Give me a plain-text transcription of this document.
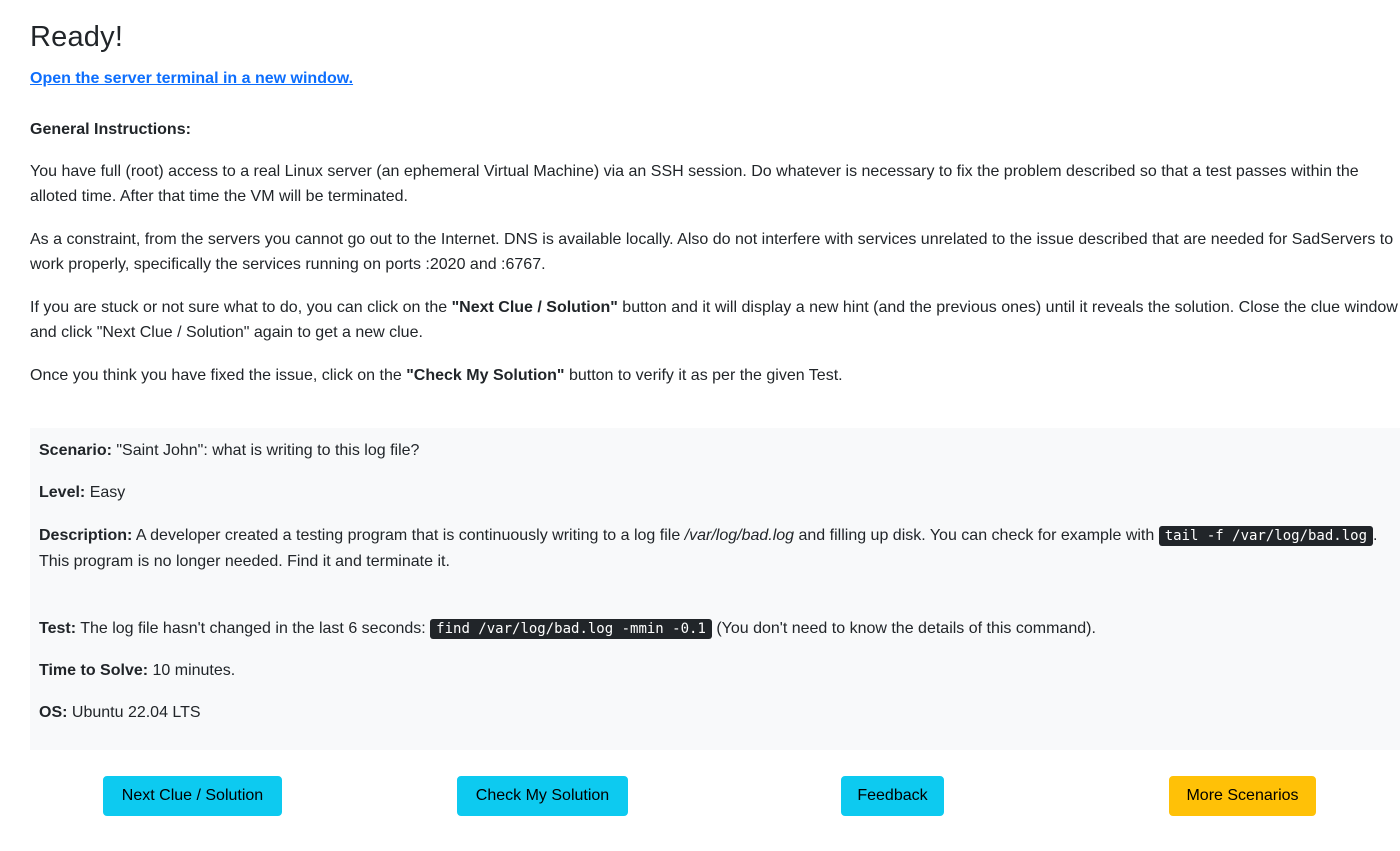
Ready!
Open the server terminal in a new window.

General Instructions:

You have full (root) access to a real Linux server (an ephemeral Virtual Machine) via an SSH session. Do whatever is necessary to fix the problem described so that a test passes within the alloted time. After that time the VM will be terminated.

As a constraint, from the servers you cannot go out to the Internet. DNS is available locally. Also do not interfere with services unrelated to the issue described that are needed for SadServers to work properly, specifically the services running on ports :2020 and :6767.

If you are stuck or not sure what to do, you can click on the "Next Clue / Solution" button and it will display a new hint (and the previous ones) until it reveals the solution. Close the clue window and click "Next Clue / Solution" again to get a new clue.

Once you think you have fixed the issue, click on the "Check My Solution" button to verify it as per the given Test.

Scenario: "Saint John": what is writing to this log file?

Level: Easy

Description: A developer created a testing program that is continuously writing to a log file /var/log/bad.log and filling up disk. You can check for example with tail -f /var/log/bad.log .
This program is no longer needed. Find it and terminate it.

Test: The log file hasn't changed in the last 6 seconds: find /var/log/bad.log -mmin -0.1 (You don't need to know the details of this command).

Time to Solve: 10 minutes.

OS: Ubuntu 22.04 LTS

Next Clue / Solution	Check My Solution	Feedback	More Scenarios
